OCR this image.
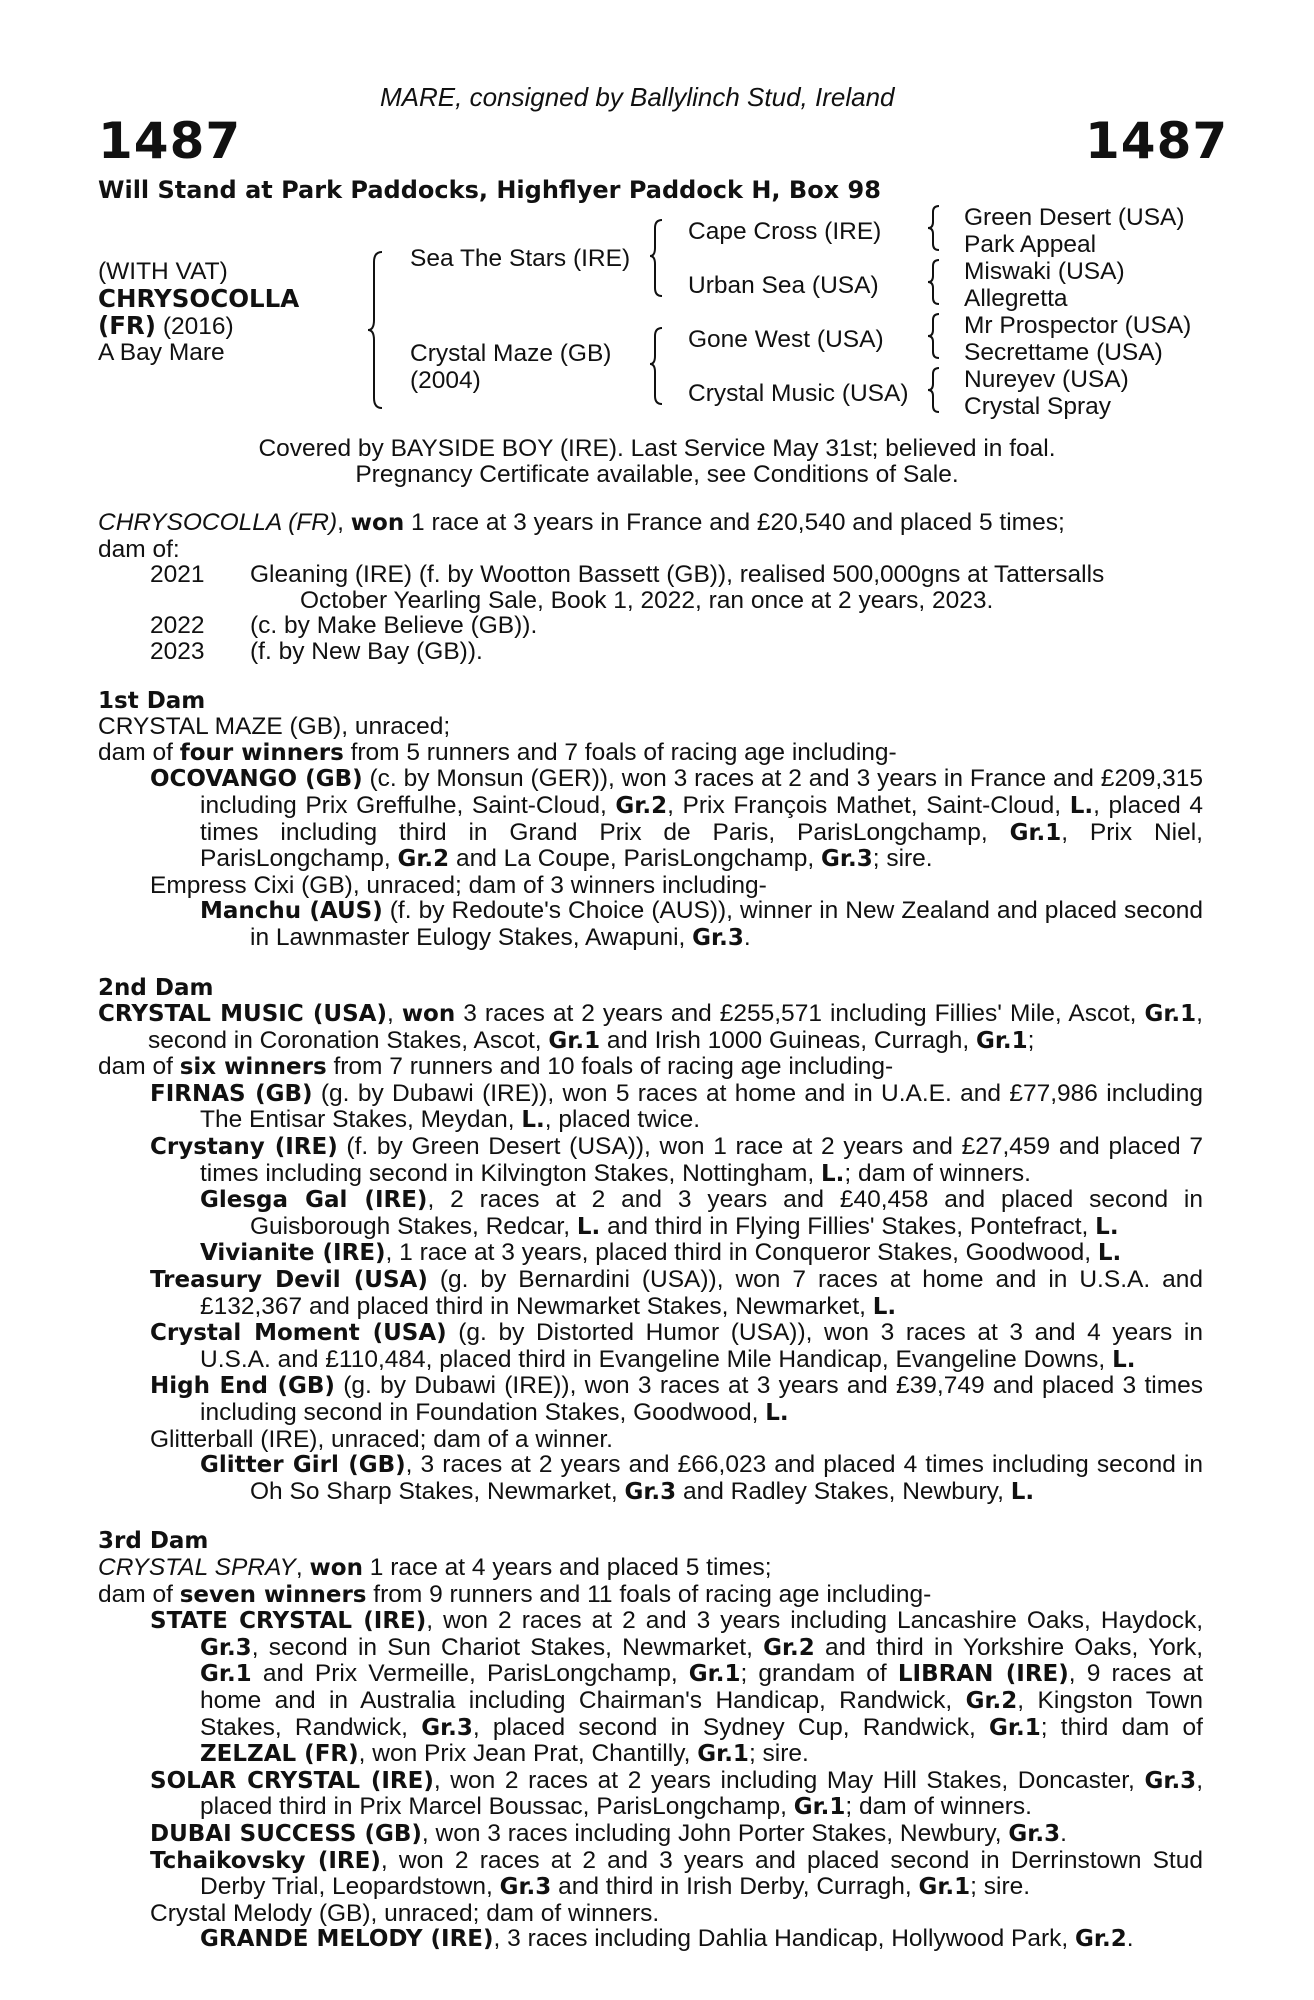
MARE, consigned by Ballylinch Stud, Ireland
1487	1487
Will Stand at Park Paddocks, Highflyer Paddock H, Box 98
(WITH VAT)
CHRYSOCOLLA
(FR) (2016)
A Bay Mare
Sea The Stars (IRE)
Crystal Maze (GB)
(2004)
Cape Cross (IRE)
Urban Sea (USA)
Gone West (USA)
Crystal Music (USA)
Green Desert (USA)
Park Appeal
Miswaki (USA)
Allegretta
Mr Prospector (USA)
Secrettame (USA)
Nureyev (USA)
Crystal Spray
Covered by BAYSIDE BOY (IRE). Last Service May 31st; believed in foal.
Pregnancy Certificate available, see Conditions of Sale.

CHRYSOCOLLA (FR), won 1 race at 3 years in France and £20,540 and placed 5 times;

dam of:

2021	Gleaning (IRE) (f. by Wootton Bassett (GB)), realised 500,000gns at Tattersalls
October Yearling Sale, Book 1, 2022, ran once at 2 years, 2023.
2022	(c. by Make Believe (GB)).
2023	(f. by New Bay (GB)).

1st Dam

CRYSTAL MAZE (GB), unraced;

dam of four winners from 5 runners and 7 foals of racing age including-

OCOVANGO (GB) (c. by Monsun (GER)), won 3 races at 2 and 3 years in France and £209,315 including Prix Greffulhe, Saint-Cloud, Gr.2, Prix François Mathet, Saint-Cloud, L., placed 4 times including third in Grand Prix de Paris, ParisLongchamp, Gr.1, Prix Niel, ParisLongchamp, Gr.2 and La Coupe, ParisLongchamp, Gr.3; sire.

Empress Cixi (GB), unraced; dam of 3 winners including-

Manchu (AUS) (f. by Redoute's Choice (AUS)), winner in New Zealand and placed second in Lawnmaster Eulogy Stakes, Awapuni, Gr.3.

2nd Dam

CRYSTAL MUSIC (USA), won 3 races at 2 years and £255,571 including Fillies' Mile, Ascot, Gr.1, second in Coronation Stakes, Ascot, Gr.1 and Irish 1000 Guineas, Curragh, Gr.1;

dam of six winners from 7 runners and 10 foals of racing age including-

FIRNAS (GB) (g. by Dubawi (IRE)), won 5 races at home and in U.A.E. and £77,986 including The Entisar Stakes, Meydan, L., placed twice.

Crystany (IRE) (f. by Green Desert (USA)), won 1 race at 2 years and £27,459 and placed 7 times including second in Kilvington Stakes, Nottingham, L.; dam of winners.

Glesga Gal (IRE), 2 races at 2 and 3 years and £40,458 and placed second in Guisborough Stakes, Redcar, L. and third in Flying Fillies' Stakes, Pontefract, L.

Vivianite (IRE), 1 race at 3 years, placed third in Conqueror Stakes, Goodwood, L.

Treasury Devil (USA) (g. by Bernardini (USA)), won 7 races at home and in U.S.A. and £132,367 and placed third in Newmarket Stakes, Newmarket, L.

Crystal Moment (USA) (g. by Distorted Humor (USA)), won 3 races at 3 and 4 years in U.S.A. and £110,484, placed third in Evangeline Mile Handicap, Evangeline Downs, L.

High End (GB) (g. by Dubawi (IRE)), won 3 races at 3 years and £39,749 and placed 3 times including second in Foundation Stakes, Goodwood, L.

Glitterball (IRE), unraced; dam of a winner.

Glitter Girl (GB), 3 races at 2 years and £66,023 and placed 4 times including second in Oh So Sharp Stakes, Newmarket, Gr.3 and Radley Stakes, Newbury, L.

3rd Dam

CRYSTAL SPRAY, won 1 race at 4 years and placed 5 times;

dam of seven winners from 9 runners and 11 foals of racing age including-

STATE CRYSTAL (IRE), won 2 races at 2 and 3 years including Lancashire Oaks, Haydock, Gr.3, second in Sun Chariot Stakes, Newmarket, Gr.2 and third in Yorkshire Oaks, York, Gr.1 and Prix Vermeille, ParisLongchamp, Gr.1; grandam of LIBRAN (IRE), 9 races at home and in Australia including Chairman's Handicap, Randwick, Gr.2, Kingston Town Stakes, Randwick, Gr.3, placed second in Sydney Cup, Randwick, Gr.1; third dam of ZELZAL (FR), won Prix Jean Prat, Chantilly, Gr.1; sire.

SOLAR CRYSTAL (IRE), won 2 races at 2 years including May Hill Stakes, Doncaster, Gr.3, placed third in Prix Marcel Boussac, ParisLongchamp, Gr.1; dam of winners.

DUBAI SUCCESS (GB), won 3 races including John Porter Stakes, Newbury, Gr.3.

Tchaikovsky (IRE), won 2 races at 2 and 3 years and placed second in Derrinstown Stud Derby Trial, Leopardstown, Gr.3 and third in Irish Derby, Curragh, Gr.1; sire.

Crystal Melody (GB), unraced; dam of winners.

GRANDE MELODY (IRE), 3 races including Dahlia Handicap, Hollywood Park, Gr.2.
